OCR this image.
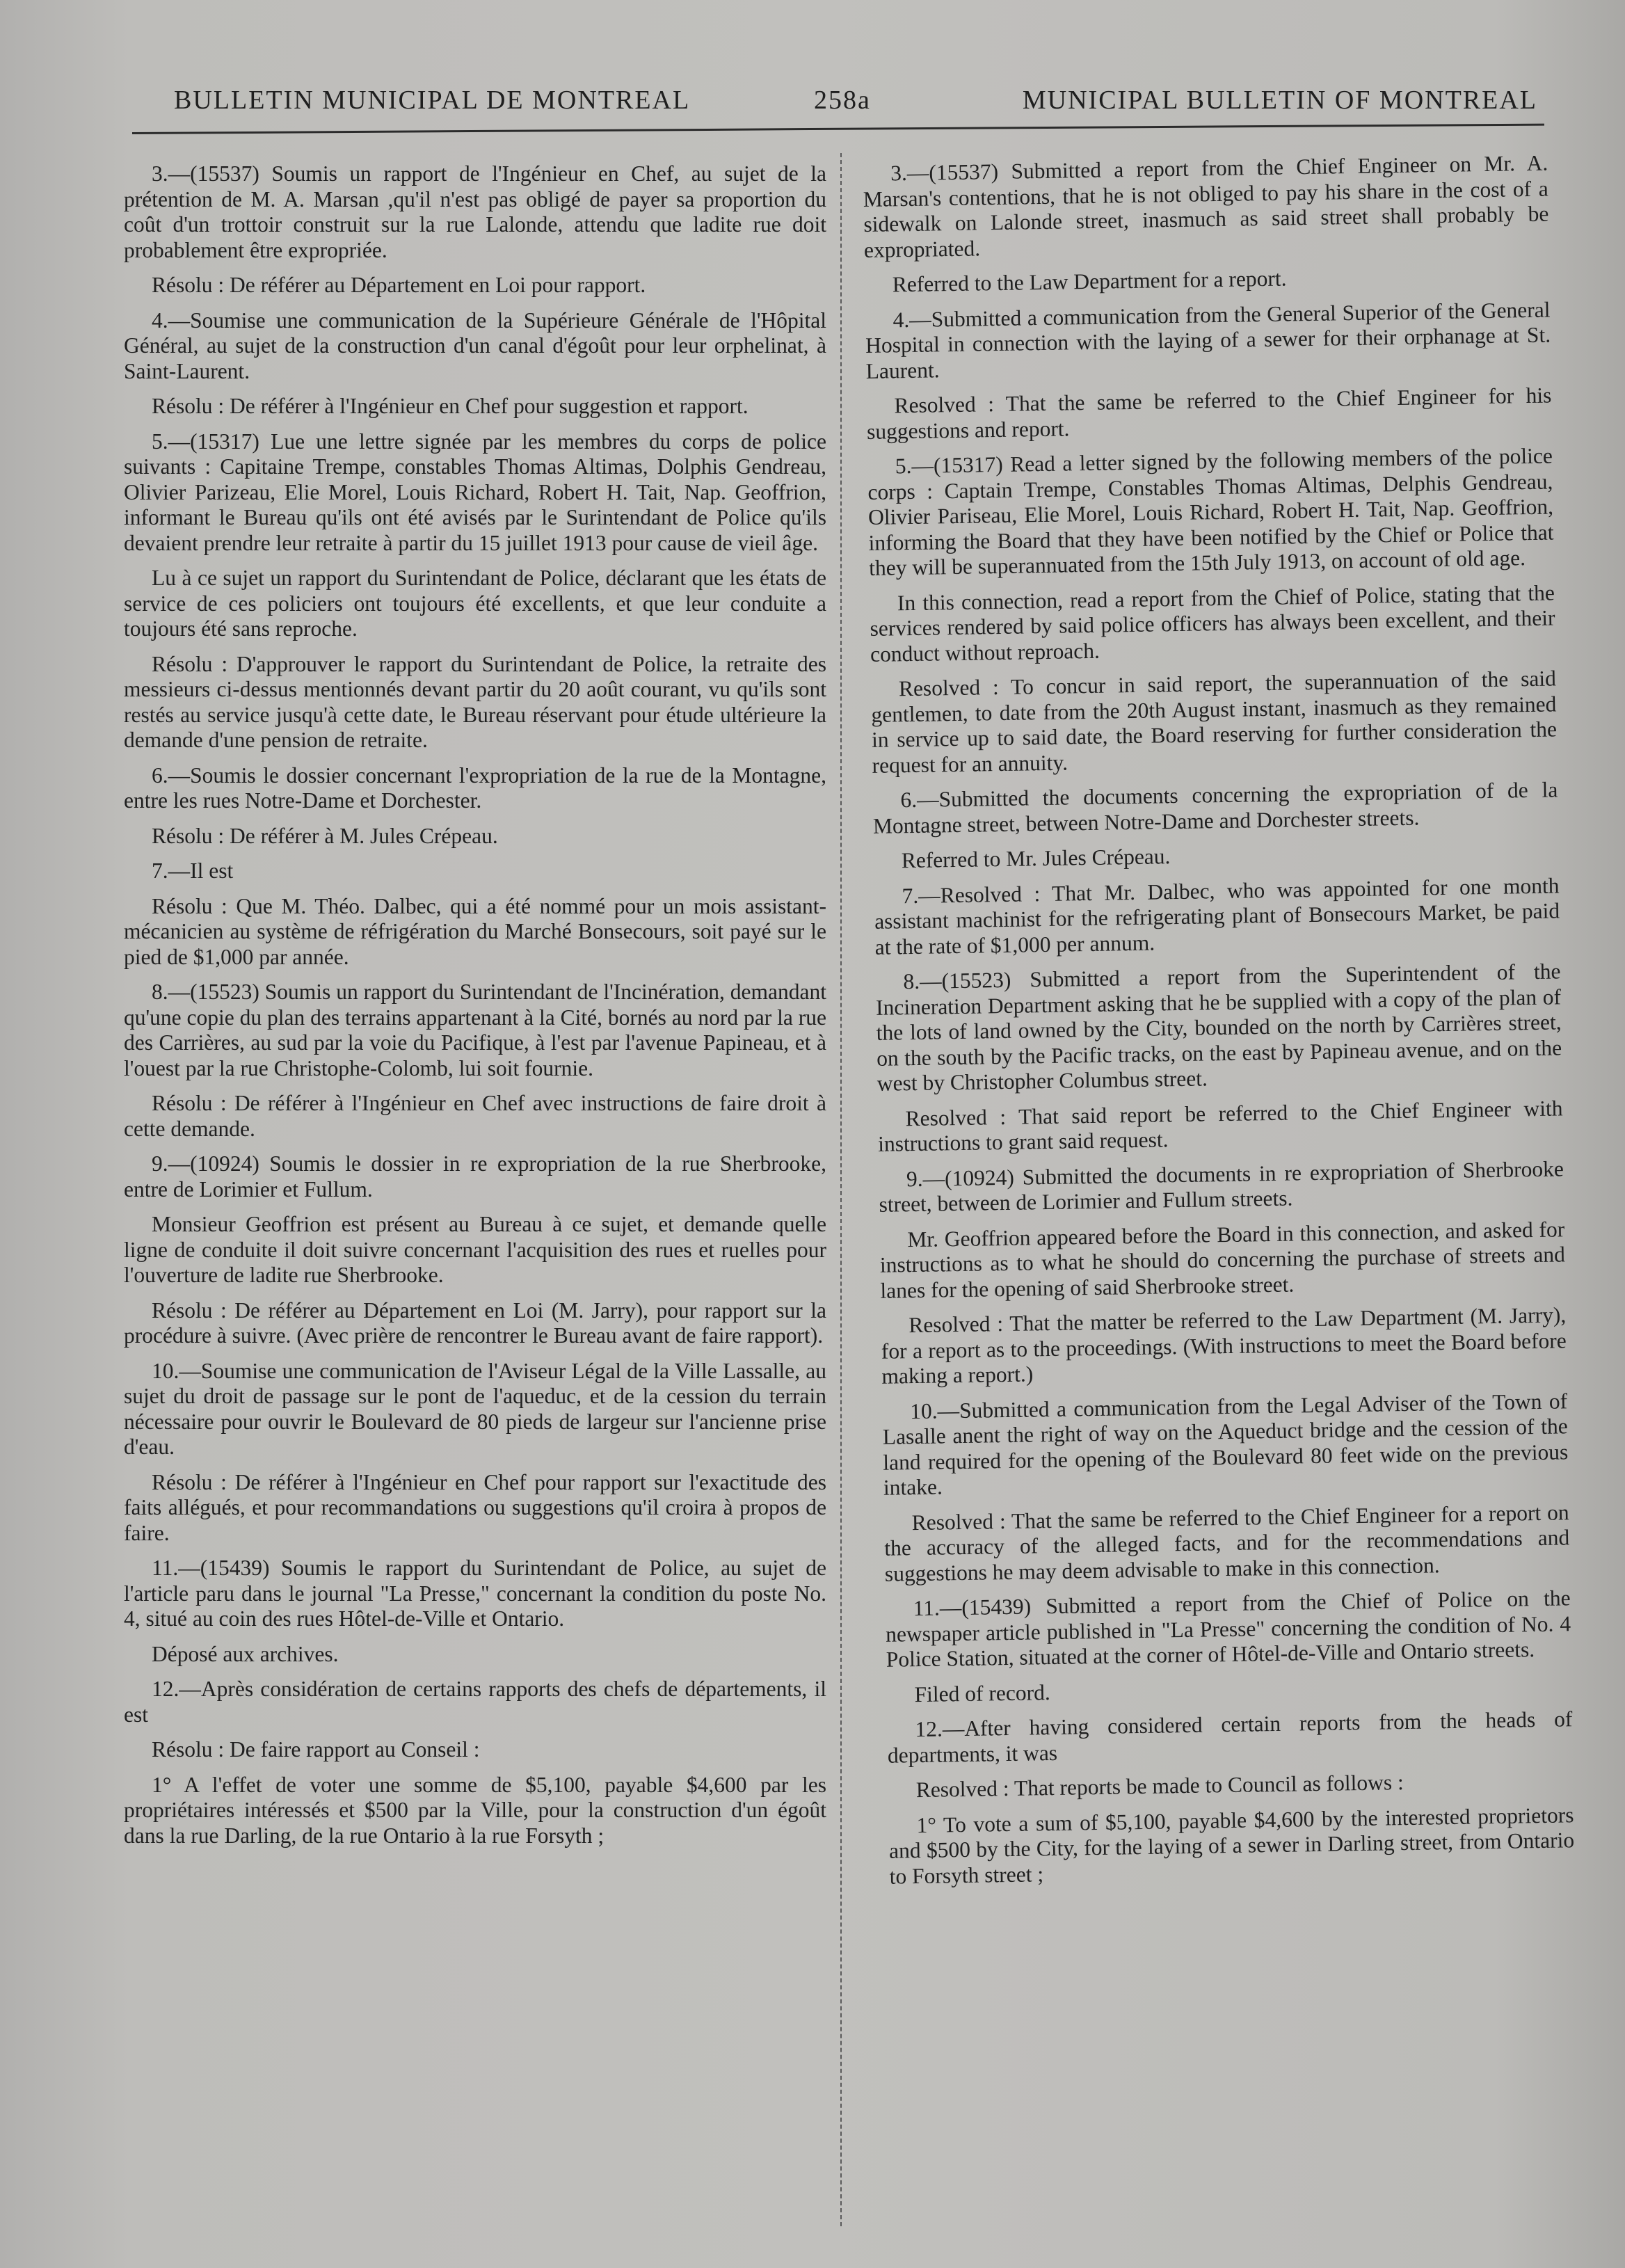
BULLETIN MUNICIPAL DE MONTREAL	258a	MUNICIPAL BULLETIN OF MONTREAL

3.—(15537) Soumis un rapport de l'Ingénieur en Chef, au sujet de la prétention de M. A. Marsan ,qu'il n'est pas obligé de payer sa proportion du coût d'un trottoir construit sur la rue Lalonde, attendu que ladite rue doit probablement être expropriée.

Résolu : De référer au Département en Loi pour rapport.

4.—Soumise une communication de la Supérieure Générale de l'Hôpital Général, au sujet de la construction d'un canal d'égoût pour leur orphelinat, à Saint-Laurent.

Résolu : De référer à l'Ingénieur en Chef pour suggestion et rapport.

5.—(15317) Lue une lettre signée par les membres du corps de police suivants : Capitaine Trempe, constables Thomas Altimas, Dolphis Gendreau, Olivier Parizeau, Elie Morel, Louis Richard, Robert H. Tait, Nap. Geoffrion, informant le Bureau qu'ils ont été avisés par le Surintendant de Police qu'ils devaient prendre leur retraite à partir du 15 juillet 1913 pour cause de vieil âge.

Lu à ce sujet un rapport du Surintendant de Police, déclarant que les états de service de ces policiers ont toujours été excellents, et que leur conduite a toujours été sans reproche.

Résolu : D'approuver le rapport du Surintendant de Police, la retraite des messieurs ci-dessus mentionnés devant partir du 20 août courant, vu qu'ils sont restés au service jusqu'à cette date, le Bureau réservant pour étude ultérieure la demande d'une pension de retraite.

6.—Soumis le dossier concernant l'expropriation de la rue de la Montagne, entre les rues Notre-Dame et Dorchester.

Résolu : De référer à M. Jules Crépeau.

7.—Il est

Résolu : Que M. Théo. Dalbec, qui a été nommé pour un mois assistant-mécanicien au système de réfrigération du Marché Bonsecours, soit payé sur le pied de $1,000 par année.

8.—(15523) Soumis un rapport du Surintendant de l'Incinération, demandant qu'une copie du plan des terrains appartenant à la Cité, bornés au nord par la rue des Carrières, au sud par la voie du Pacifique, à l'est par l'avenue Papineau, et à l'ouest par la rue Christophe-Colomb, lui soit fournie.

Résolu : De référer à l'Ingénieur en Chef avec instructions de faire droit à cette demande.

9.—(10924) Soumis le dossier in re expropriation de la rue Sherbrooke, entre de Lorimier et Fullum.

Monsieur Geoffrion est présent au Bureau à ce sujet, et demande quelle ligne de conduite il doit suivre concernant l'acquisition des rues et ruelles pour l'ouverture de ladite rue Sherbrooke.

Résolu : De référer au Département en Loi (M. Jarry), pour rapport sur la procédure à suivre. (Avec prière de rencontrer le Bureau avant de faire rapport).

10.—Soumise une communication de l'Aviseur Légal de la Ville Lassalle, au sujet du droit de passage sur le pont de l'aqueduc, et de la cession du terrain nécessaire pour ouvrir le Boulevard de 80 pieds de largeur sur l'ancienne prise d'eau.

Résolu : De référer à l'Ingénieur en Chef pour rapport sur l'exactitude des faits allégués, et pour recommandations ou suggestions qu'il croira à propos de faire.

11.—(15439) Soumis le rapport du Surintendant de Police, au sujet de l'article paru dans le journal "La Presse," concernant la condition du poste No. 4, situé au coin des rues Hôtel-de-Ville et Ontario.

Déposé aux archives.

12.—Après considération de certains rapports des chefs de départements, il est

Résolu : De faire rapport au Conseil :

1° A l'effet de voter une somme de $5,100, payable $4,600 par les propriétaires intéressés et $500 par la Ville, pour la construction d'un égoût dans la rue Darling, de la rue Ontario à la rue Forsyth ;

3.—(15537) Submitted a report from the Chief Engineer on Mr. A. Marsan's contentions, that he is not obliged to pay his share in the cost of a sidewalk on Lalonde street, inasmuch as said street shall probably be expropriated.

Referred to the Law Department for a report.

4.—Submitted a communication from the General Superior of the General Hospital in connection with the laying of a sewer for their orphanage at St. Laurent.

Resolved : That the same be referred to the Chief Engineer for his suggestions and report.

5.—(15317) Read a letter signed by the following members of the police corps : Captain Trempe, Constables Thomas Altimas, Delphis Gendreau, Olivier Pariseau, Elie Morel, Louis Richard, Robert H. Tait, Nap. Geoffrion, informing the Board that they have been notified by the Chief or Police that they will be superannuated from the 15th July 1913, on account of old age.

In this connection, read a report from the Chief of Police, stating that the services rendered by said police officers has always been excellent, and their conduct without reproach.

Resolved : To concur in said report, the superannuation of the said gentlemen, to date from the 20th August instant, inasmuch as they remained in service up to said date, the Board reserving for further consideration the request for an annuity.

6.—Submitted the documents concerning the expropriation of de la Montagne street, between Notre-Dame and Dorchester streets.

Referred to Mr. Jules Crépeau.

7.—Resolved : That Mr. Dalbec, who was appointed for one month assistant machinist for the refrigerating plant of Bonsecours Market, be paid at the rate of $1,000 per annum.

8.—(15523) Submitted a report from the Superintendent of the Incineration Department asking that he be supplied with a copy of the plan of the lots of land owned by the City, bounded on the north by Carrières street, on the south by the Pacific tracks, on the east by Papineau avenue, and on the west by Christopher Columbus street.

Resolved : That said report be referred to the Chief Engineer with instructions to grant said request.

9.—(10924) Submitted the documents in re expropriation of Sherbrooke street, between de Lorimier and Fullum streets.

Mr. Geoffrion appeared before the Board in this connection, and asked for instructions as to what he should do concerning the purchase of streets and lanes for the opening of said Sherbrooke street.

Resolved : That the matter be referred to the Law Department (M. Jarry), for a report as to the proceedings. (With instructions to meet the Board before making a report.)

10.—Submitted a communication from the Legal Adviser of the Town of Lasalle anent the right of way on the Aqueduct bridge and the cession of the land required for the opening of the Boulevard 80 feet wide on the previous intake.

Resolved : That the same be referred to the Chief Engineer for a report on the accuracy of the alleged facts, and for the recommendations and suggestions he may deem advisable to make in this connection.

11.—(15439) Submitted a report from the Chief of Police on the newspaper article published in "La Presse" concerning the condition of No. 4 Police Station, situated at the corner of Hôtel-de-Ville and Ontario streets.

Filed of record.

12.—After having considered certain reports from the heads of departments, it was

Resolved : That reports be made to Council as follows :

1° To vote a sum of $5,100, payable $4,600 by the interested proprietors and $500 by the City, for the laying of a sewer in Darling street, from Ontario to Forsyth street ;
